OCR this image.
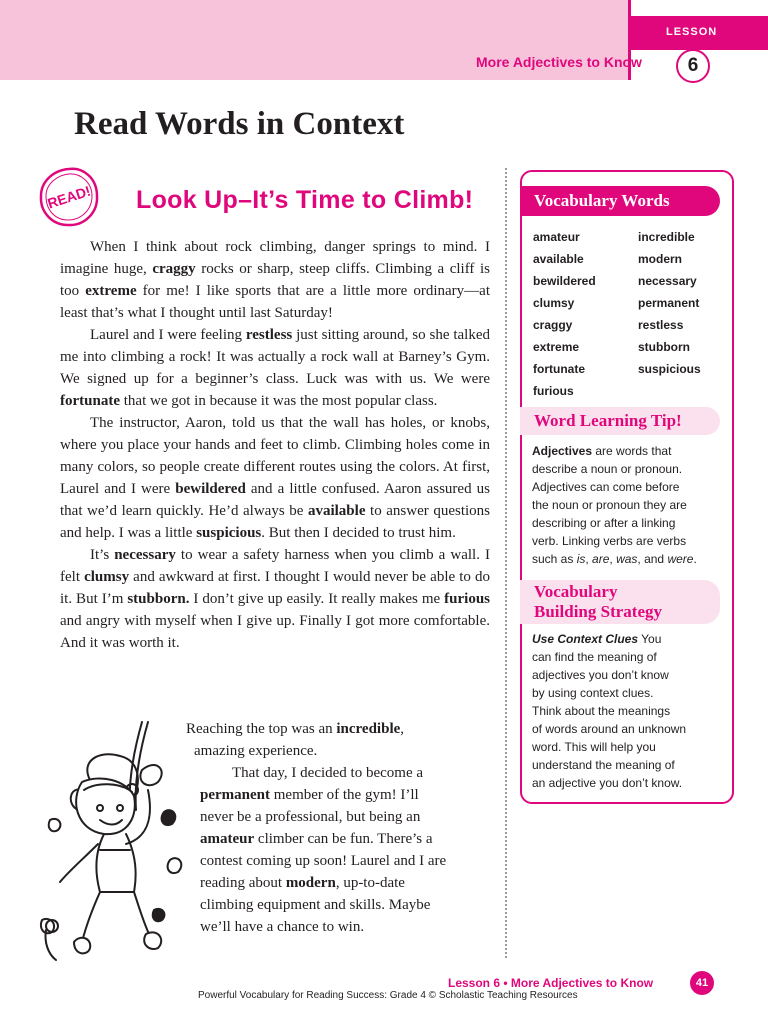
LESSON
More Adjectives to Know	6
Read Words in Context
READ! Look Up–It’s Time to Climb!

When I think about rock climbing, danger springs to mind. I imagine huge, craggy rocks or sharp, steep cliffs. Climbing a cliff is too extreme for me! I like sports that are a little more ordinary—at least that’s what I thought until last Saturday!

Laurel and I were feeling restless just sitting around, so she talked me into climbing a rock! It was actually a rock wall at Barney’s Gym. We signed up for a beginner’s class. Luck was with us. We were fortunate that we got in because it was the most popular class.

The instructor, Aaron, told us that the wall has holes, or knobs, where you place your hands and feet to climb. Climbing holes come in many colors, so people create different routes using the colors. At first, Laurel and I were bewildered and a little confused. Aaron assured us that we’d learn quickly. He’d always be available to answer questions and help. I was a little suspicious. But then I decided to trust him.

It’s necessary to wear a safety harness when you climb a wall. I felt clumsy and awkward at first. I thought I would never be able to do it. But I’m stubborn. I don’t give up easily. It really makes me furious and angry with myself when I give up. Finally I got more comfortable. And it was worth it.

Reaching the top was an incredible,
amazing experience.
That day, I decided to become a
permanent member of the gym! I’ll
never be a professional, but being an
amateur climber can be fun. There’s a
contest coming up soon! Laurel and I are
reading about modern, up-to-date
climbing equipment and skills. Maybe
we’ll have a chance to win.
Vocabulary Words
amateur
available
bewildered
clumsy
craggy
extreme
fortunate
furious
incredible
modern
necessary
permanent
restless
stubborn
suspicious
Word Learning Tip!
Adjectives are words that
describe a noun or pronoun.
Adjectives can come before
the noun or pronoun they are
describing or after a linking
verb. Linking verbs are verbs
such as is, are, was, and were.
Vocabulary
Building Strategy
Use Context Clues You
can find the meaning of
adjectives you don’t know
by using context clues.
Think about the meanings
of words around an unknown
word. This will help you
understand the meaning of
an adjective you don’t know.
Lesson 6 • More Adjectives to Know	41
Powerful Vocabulary for Reading Success: Grade 4 © Scholastic Teaching Resources
